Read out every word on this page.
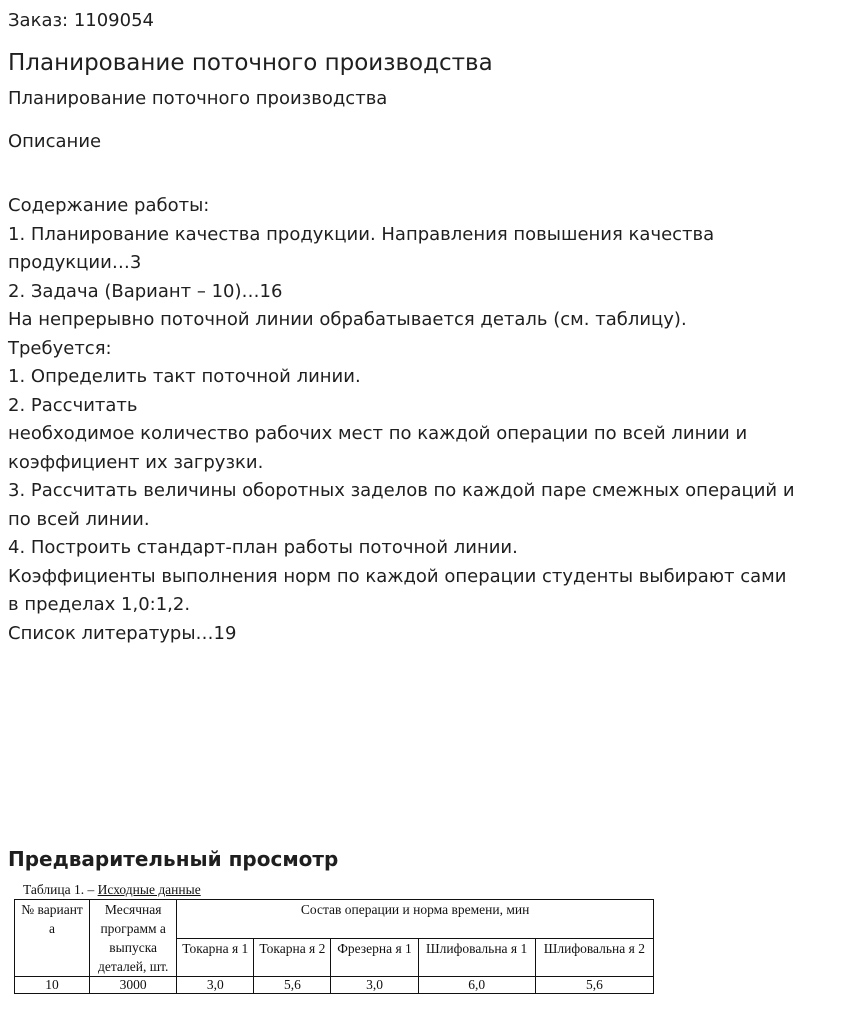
Заказ: 1109054
Планирование поточного производства
Планирование поточного производства
Описание
Содержание работы:
1. Планирование качества продукции. Направления повышения качества
продукции…3
2. Задача (Вариант – 10)…16
На непрерывно поточной линии обрабатывается деталь (см. таблицу).
Требуется:
1. Определить такт поточной линии.
2. Рассчитать
необходимое количество рабочих мест по каждой операции по всей линии и
коэффициент их загрузки.
3. Рассчитать величины оборотных заделов по каждой паре смежных операций и
по всей линии.
4. Построить стандарт-план работы поточной линии.
Коэффициенты выполнения норм по каждой операции студенты выбирают сами
в пределах 1,0:1,2.
Список литературы…19
Предварительный просмотр
Таблица 1. – Исходные данные
№ вариант а	Месячная программ а выпуска деталей, шт.	Состав операции и норма времени, мин				
		Токарна я 1	Токарна я 2	Фрезерна я 1	Шлифовальна я 1	Шлифовальна я 2
10	3000	3,0	5,6	3,0	6,0	5,6
